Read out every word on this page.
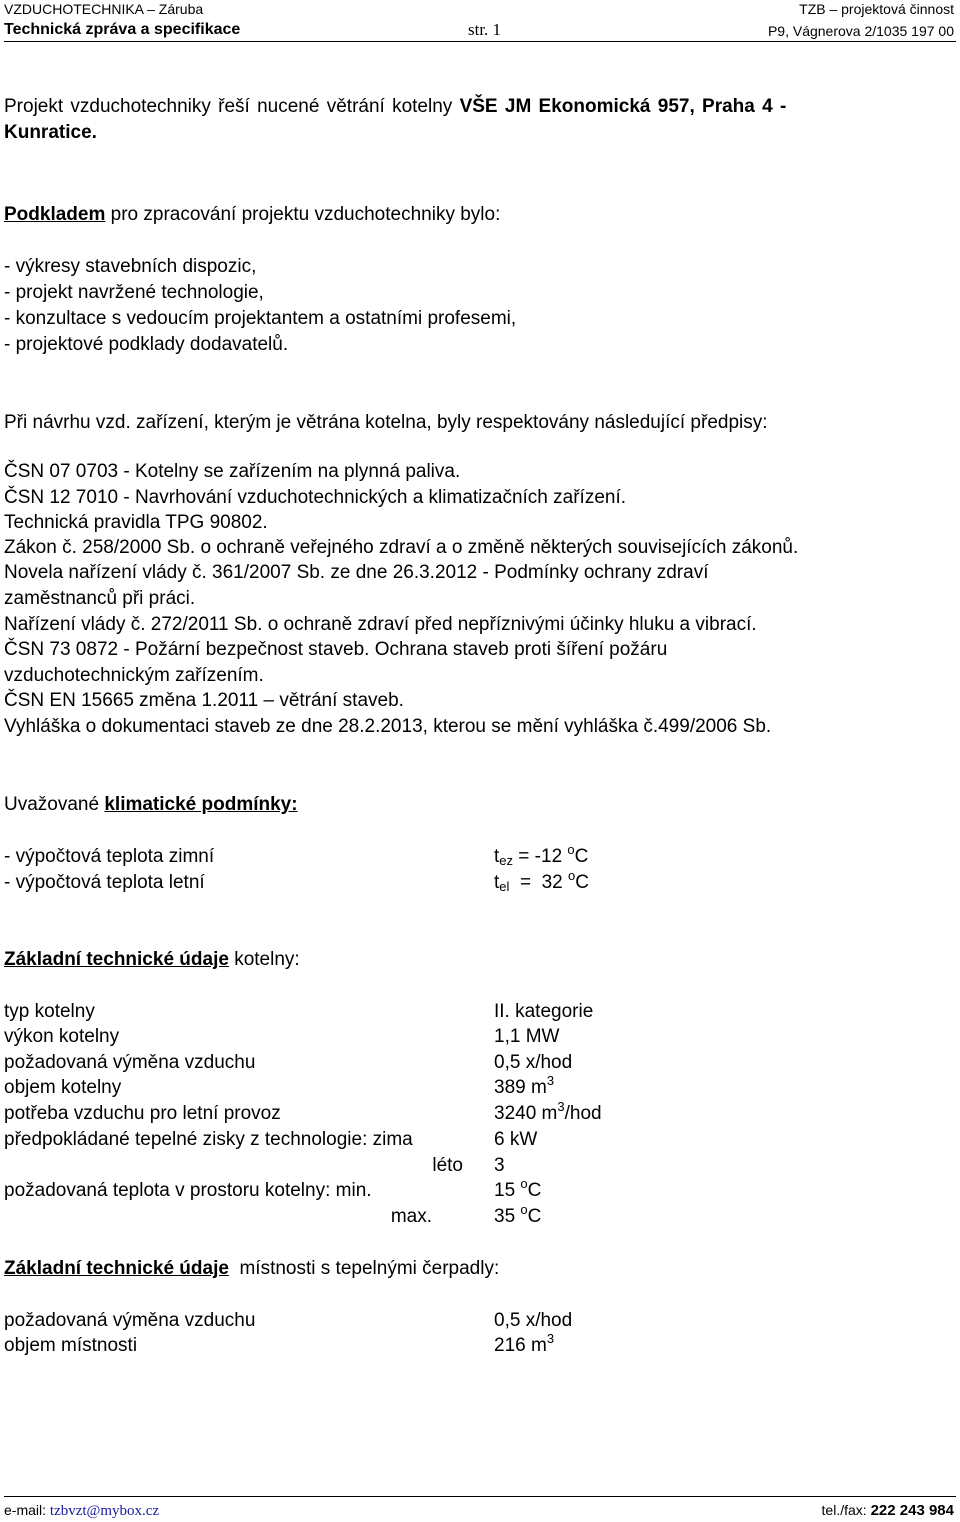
VZDUCHOTECHNIKA – Záruba	TZB – projektová činnost
Technická zpráva a specifikace	str. 1	P9, Vágnerova 2/1035 197 00
Projekt vzduchotechniky řeší nucené větrání kotelny VŠE JM Ekonomická 957, Praha 4 -
Kunratice.
Podkladem pro zpracování projektu vzduchotechniky bylo:
- výkresy stavebních dispozic,
- projekt navržené technologie,
- konzultace s vedoucím projektantem a ostatními profesemi,
- projektové podklady dodavatelů.
Při návrhu vzd. zařízení, kterým je větrána kotelna, byly respektovány následující předpisy:
ČSN 07 0703 - Kotelny se zařízením na plynná paliva.
ČSN 12 7010 - Navrhování vzduchotechnických a klimatizačních zařízení.
Technická pravidla TPG 90802.
Zákon č. 258/2000 Sb. o ochraně veřejného zdraví a o změně některých souvisejících zákonů.
Novela nařízení vlády č. 361/2007 Sb. ze dne 26.3.2012 - Podmínky ochrany zdraví
zaměstnanců při práci.
Nařízení vlády č. 272/2011 Sb. o ochraně zdraví před nepříznivými účinky hluku a vibrací.
ČSN 73 0872 - Požární bezpečnost staveb. Ochrana staveb proti šíření požáru
vzduchotechnickým zařízením.
ČSN EN 15665 změna 1.2011 – větrání staveb.
Vyhláška o dokumentaci staveb ze dne 28.2.2013, kterou se mění vyhláška č.499/2006 Sb.
Uvažované klimatické podmínky:
- výpočtová teplota zimní	$t_{ez} = -12$ $^o$C
- výpočtová teplota letní	$t_{el} = 32$ $^o$C
Základní technické údaje kotelny:
typ kotelny	II. kategorie
výkon kotelny	1,1 MW
požadovaná výměna vzduchu	0,5 x/hod
objem kotelny	389 $m^3$
potřeba vzduchu pro letní provoz	3240 $m^3$/hod
předpokládané tepelné zisky z technologie: zima	6 kW
léto 3
požadovaná teplota v prostoru kotelny: min.	15 $^o$C
max.	35 $^o$C
Základní technické údaje  místnosti s tepelnými čerpadly:
požadovaná výměna vzduchu	0,5 x/hod
objem místnosti	216 $m^3$
e-mail: tzbvzt@mybox.cz	tel./fax: 222 243 984
